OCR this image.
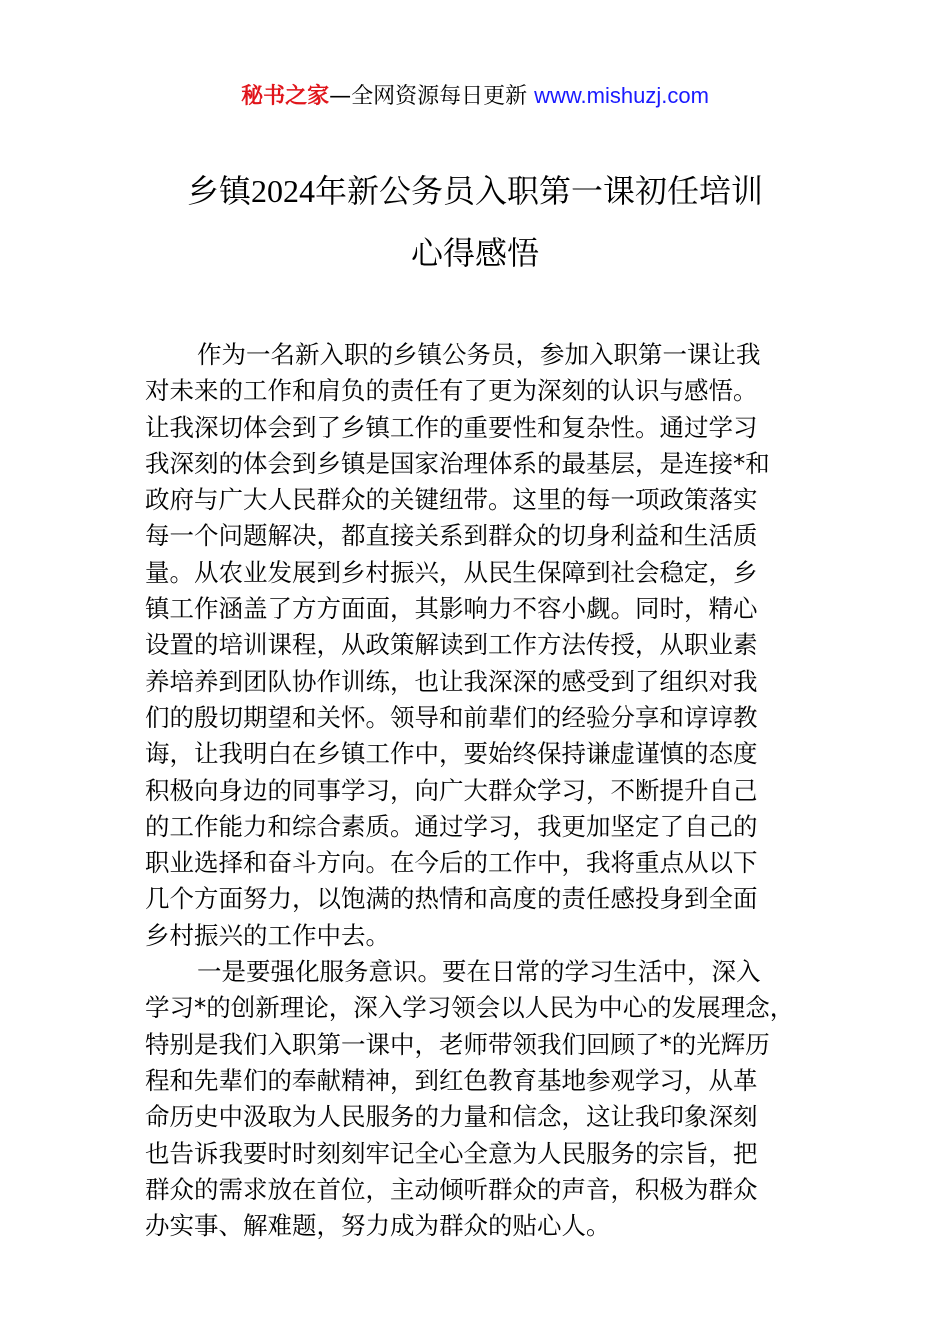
秘书之家—全网资源每日更新 www.mishuzj.com
乡镇2024年新公务员入职第一课初任培训
心得感悟
作为一名新入职的乡镇公务员，参加入职第一课让我
对未来的工作和肩负的责任有了更为深刻的认识与感悟。
让我深切体会到了乡镇工作的重要性和复杂性。通过学习
我深刻的体会到乡镇是国家治理体系的最基层，是连接*和
政府与广大人民群众的关键纽带。这里的每一项政策落实
每一个问题解决，都直接关系到群众的切身利益和生活质
量。从农业发展到乡村振兴，从民生保障到社会稳定，乡
镇工作涵盖了方方面面，其影响力不容小觑。同时，精心
设置的培训课程，从政策解读到工作方法传授，从职业素
养培养到团队协作训练，也让我深深的感受到了组织对我
们的殷切期望和关怀。领导和前辈们的经验分享和谆谆教
诲，让我明白在乡镇工作中，要始终保持谦虚谨慎的态度
积极向身边的同事学习，向广大群众学习，不断提升自己
的工作能力和综合素质。通过学习，我更加坚定了自己的
职业选择和奋斗方向。在今后的工作中，我将重点从以下
几个方面努力，以饱满的热情和高度的责任感投身到全面
乡村振兴的工作中去。
一是要强化服务意识。要在日常的学习生活中，深入
学习*的创新理论，深入学习领会以人民为中心的发展理念，
特别是我们入职第一课中，老师带领我们回顾了*的光辉历
程和先辈们的奉献精神，到红色教育基地参观学习，从革
命历史中汲取为人民服务的力量和信念，这让我印象深刻
也告诉我要时时刻刻牢记全心全意为人民服务的宗旨，把
群众的需求放在首位，主动倾听群众的声音，积极为群众
办实事、解难题，努力成为群众的贴心人。
